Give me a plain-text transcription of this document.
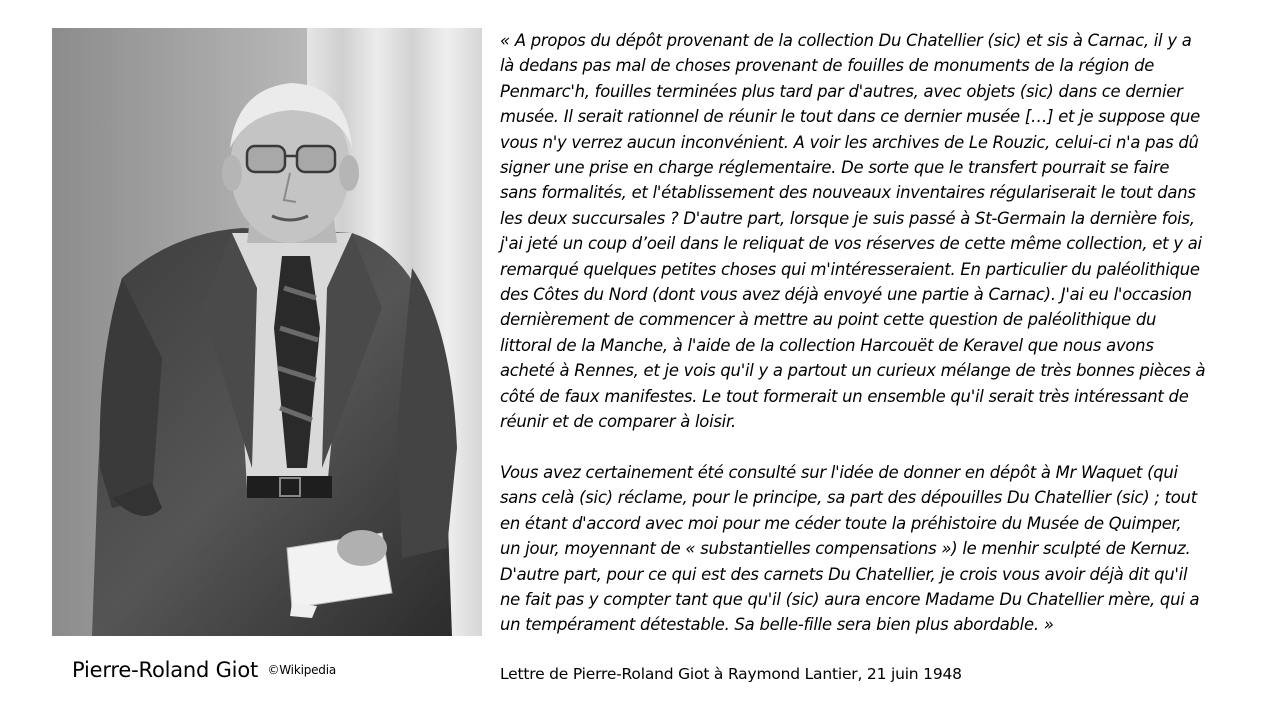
Pierre-Roland Giot ©Wikipedia
« A propos du dépôt provenant de la collection Du Chatellier (sic) et sis à Carnac, il y a
là dedans pas mal de choses provenant de fouilles de monuments de la région de
Penmarc'h, fouilles terminées plus tard par d'autres, avec objets (sic) dans ce dernier
musée. Il serait rationnel de réunir le tout dans ce dernier musée […] et je suppose que
vous n'y verrez aucun inconvénient. A voir les archives de Le Rouzic, celui-ci n'a pas dû
signer une prise en charge réglementaire. De sorte que le transfert pourrait se faire
sans formalités, et l'établissement des nouveaux inventaires régulariserait le tout dans
les deux succursales ? D'autre part, lorsque je suis passé à St-Germain la dernière fois,
j'ai jeté un coup d’oeil dans le reliquat de vos réserves de cette même collection, et y ai
remarqué quelques petites choses qui m'intéresseraient. En particulier du paléolithique
des Côtes du Nord (dont vous avez déjà envoyé une partie à Carnac). J'ai eu l'occasion
dernièrement de commencer à mettre au point cette question de paléolithique du
littoral de la Manche, à l'aide de la collection Harcouët de Keravel que nous avons
acheté à Rennes, et je vois qu'il y a partout un curieux mélange de très bonnes pièces à
côté de faux manifestes. Le tout formerait un ensemble qu'il serait très intéressant de
réunir et de comparer à loisir.
Vous avez certainement été consulté sur l'idée de donner en dépôt à Mr Waquet (qui
sans celà (sic) réclame, pour le principe, sa part des dépouilles Du Chatellier (sic) ; tout
en étant d'accord avec moi pour me céder toute la préhistoire du Musée de Quimper,
un jour, moyennant de « substantielles compensations ») le menhir sculpté de Kernuz.
D'autre part, pour ce qui est des carnets Du Chatellier, je crois vous avoir déjà dit qu'il
ne fait pas y compter tant que qu'il (sic) aura encore Madame Du Chatellier mère, qui a
un tempérament détestable. Sa belle-fille sera bien plus abordable. »
Lettre de Pierre-Roland Giot à Raymond Lantier, 21 juin 1948
